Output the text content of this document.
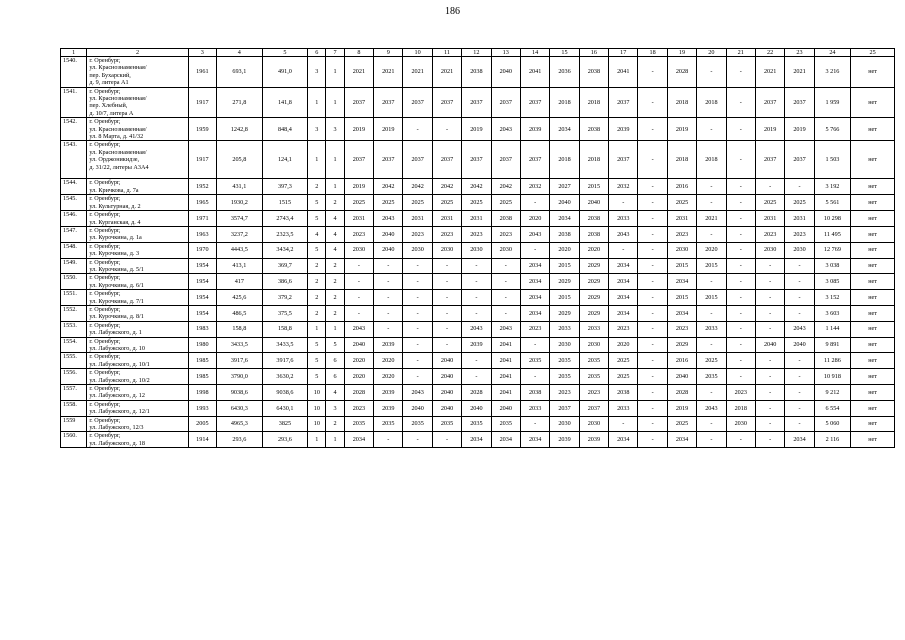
186
1	2	3	4	5	6	7	8	9	10	11	12	13	14	15	16	17	18	19	20	21	22	23	24	25
1540.	г. Оренбург,
ул. Краснознаменная/
пер. Бухарский,
д. 9, литера А1	1961	693,1	491,0	3	1	2021	2021	2021	2021	2038	2040	2041	2036	2038	2041	-	2028	-	-	2021	2021	3 216	нет
1541.	г. Оренбург,
ул. Краснознаменная/
пер. Хлебный,
д. 10/7, литера А	1917	271,8	141,8	1	1	2037	2037	2037	2037	2037	2037	2037	2018	2018	2037	-	2018	2018	-	2037	2037	1 959	нет
1542.	г. Оренбург,
ул. Краснознаменная/
ул. 8 Марта, д. 41/32	1959	1242,8	848,4	3	3	2019	2019	-	-	2019	2043	2039	2034	2038	2039	-	2019	-	-	2019	2019	5 766	нет
1543.	г. Оренбург,
ул. Краснознаменная/
ул. Орджоникидзе,
д. 31/22, литеры А3А4	1917	205,8	124,1	1	1	2037	2037	2037	2037	2037	2037	2037	2018	2018	2037	-	2018	2018	-	2037	2037	1 503	нет
1544.	г. Оренбург,
ул. Кричкова, д. 7а	1952	431,1	397,3	2	1	2019	2042	2042	2042	2042	2042	2032	2027	2015	2032	-	2016	-	-	-	-	3 192	нет
1545.	г. Оренбург,
ул. Культурная, д. 2	1965	1930,2	1515	5	2	2025	2025	2025	2025	2025	2025	-	2040	2040	-	-	2025	-	-	2025	2025	5 561	нет
1546.	г. Оренбург,
ул. Курганская, д. 4	1971	3574,7	2743,4	5	4	2031	2043	2031	2031	2031	2038	2020	2034	2038	2033	-	2031	2021	-	2031	2031	10 298	нет
1547.	г. Оренбург,
ул. Курочкина, д. 1а	1963	3237,2	2323,5	4	4	2023	2040	2023	2023	2023	2023	2043	2038	2038	2043	-	2023	-	-	2023	2023	11 495	нет
1548.	г. Оренбург,
ул. Курочкина, д. 3	1970	4443,5	3434,2	5	4	2030	2040	2030	2030	2030	2030	-	2020	2020	-	-	2030	2020	-	2030	2030	12 769	нет
1549.	г. Оренбург,
ул. Курочкина, д. 5/1	1954	413,1	369,7	2	2	-	-	-	-	-	-	2034	2015	2029	2034	-	2015	2015	-	-	-	3 038	нет
1550.	г. Оренбург,
ул. Курочкина, д. 6/1	1954	417	386,6	2	2	-	-	-	-	-	-	2034	2029	2029	2034	-	2034	-	-	-	-	3 085	нет
1551.	г. Оренбург,
ул. Курочкина, д. 7/1	1954	425,6	379,2	2	2	-	-	-	-	-	-	2034	2015	2029	2034	-	2015	2015	-	-	-	3 152	нет
1552.	г. Оренбург,
ул. Курочкина, д. 8/1	1954	486,5	375,5	2	2	-	-	-	-	-	-	2034	2029	2029	2034	-	2034	-	-	-	-	3 603	нет
1553.	г. Оренбург,
ул. Лабужского, д. 1	1983	158,8	158,8	1	1	2043	-	-	-	2043	2043	2023	2033	2033	2023	-	2023	2033	-	-	2043	1 144	нет
1554.	г. Оренбург,
ул. Лабужского, д. 10	1980	3433,5	3433,5	5	5	2040	2039	-	-	2039	2041	-	2030	2030	2020	-	2029	-	-	2040	2040	9 891	нет
1555.	г. Оренбург,
ул. Лабужского, д. 10/1	1985	3917,6	3917,6	5	6	2020	2020	-	2040	-	2041	2035	2035	2035	2025	-	2016	2025	-	-	-	11 286	нет
1556.	г. Оренбург,
ул. Лабужского, д. 10/2	1985	3790,0	3630,2	5	6	2020	2020	-	2040	-	2041	-	2035	2035	2025	-	2040	2035	-	-	-	10 918	нет
1557.	г. Оренбург,
ул. Лабужского, д. 12	1998	9038,6	9038,6	10	4	2028	2039	2043	2040	2028	2041	2038	2023	2023	2038	-	2028	-	2023	-	-	9 212	нет
1558.	г. Оренбург,
ул. Лабужского, д. 12/1	1993	6430,3	6430,1	10	3	2023	2039	2040	2040	2040	2040	2033	2037	2037	2033	-	2019	2043	2018	-	-	6 554	нет
1559	г. Оренбург,
ул. Лабужского, 12/3	2005	4965,3	3825	10	2	2035	2035	2035	2035	2035	2035	-	2030	2030	-	-	2025	-	2030	-	-	5 060	нет
1560.	г. Оренбург,
ул. Лабужского, д. 18	1914	293,6	293,6	1	1	2034	-	-	-	2034	2034	2034	2039	2039	2034	-	2034	-	-	-	2034	2 116	нет
